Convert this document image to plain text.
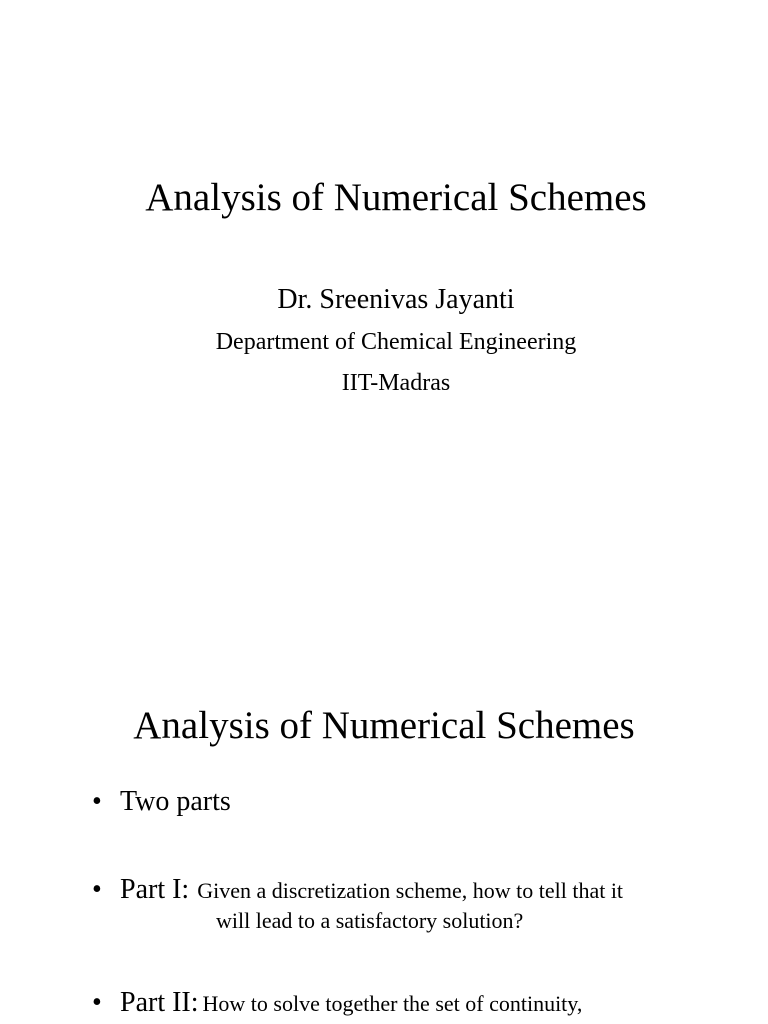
Analysis of Numerical Schemes
Dr. Sreenivas Jayanti
Department of Chemical Engineering
IIT-Madras
Analysis of Numerical Schemes
• Two parts
• Part I: Given a discretization scheme, how to tell that it
will lead to a satisfactory solution?
• Part II: How to solve together the set of continuity,
